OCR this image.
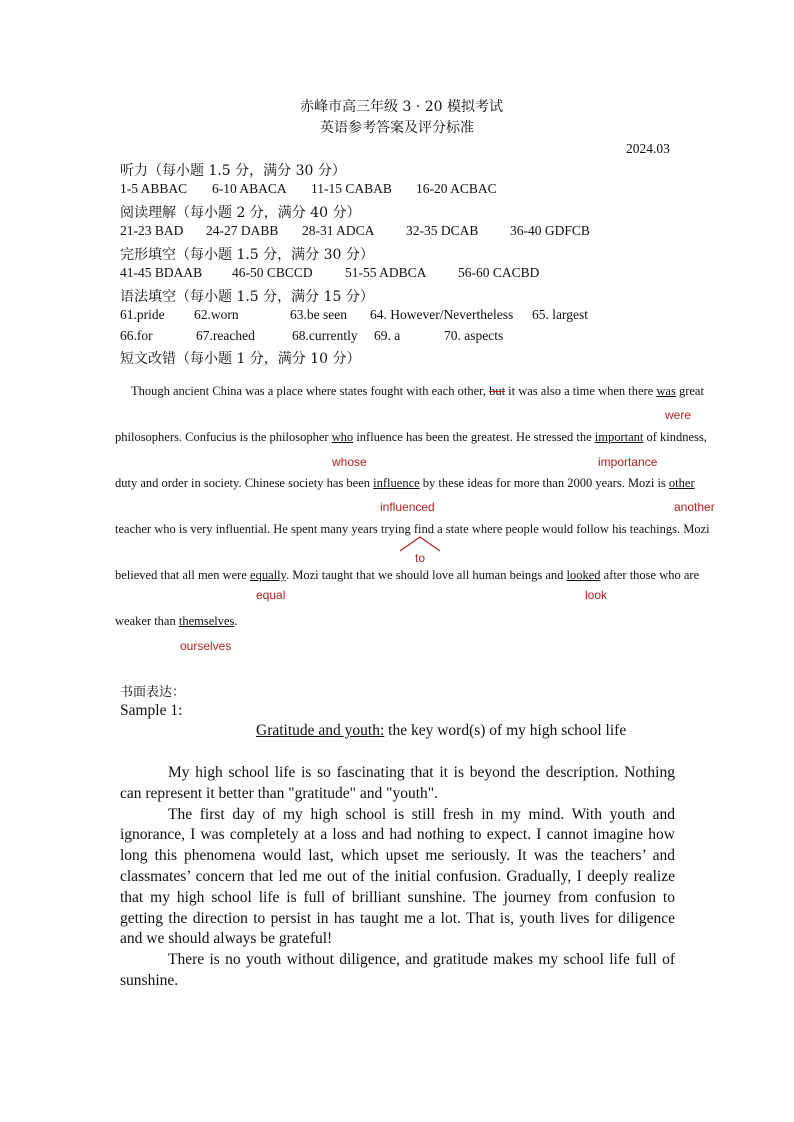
赤峰市高三年级 3 · 20 模拟考试
英语参考答案及评分标准
2024.03
听力（每小题 1.5 分，满分 30 分）
1-5 ABBAC 6-10 ABACA 11-15 CABAB 16-20 ACBAC
阅读理解（每小题 2 分，满分 40 分）
21-23 BAD 24-27 DABB 28-31 ADCA 32-35 DCAB 36-40 GDFCB
完形填空（每小题 1.5 分，满分 30 分）
41-45 BDAAB 46-50 CBCCD 51-55 ADBCA 56-60 CACBD
语法填空（每小题 1.5 分，满分 15 分）
61.pride 62.worn	63.be seen 64. However/Nevertheless 65. largest
66.for	67.reached	68.currently 69. a	70. aspects
短文改错（每小题 1 分，满分 10 分）
Though ancient China was a place where states fought with each other, but it was also a time when there was great
were
philosophers. Confucius is the philosopher who influence has been the greatest. He stressed the important of kindness,
whose	importance
duty and order in society. Chinese society has been influence by these ideas for more than 2000 years. Mozi is other
influenced	another
teacher who is very influential. He spent many years trying find a state where people would follow his teachings. Mozi
to
believed that all men were equally. Mozi taught that we should love all human beings and looked after those who are
equal	look
weaker than themselves.
ourselves
书面表达：
Sample 1:
Gratitude and youth: the key word(s) of my high school life

My high school life is so fascinating that it is beyond the description. Nothing can represent it better than "gratitude" and "youth".

The first day of my high school is still fresh in my mind. With youth and ignorance, I was completely at a loss and had nothing to expect. I cannot imagine how long this phenomena would last, which upset me seriously. It was the teachers’ and classmates’ concern that led me out of the initial confusion. Gradually, I deeply realize that my high school life is full of brilliant sunshine. The journey from confusion to getting the direction to persist in has taught me a lot. That is, youth lives for diligence and we should always be grateful!

There is no youth without diligence, and gratitude makes my school life full of sunshine.
